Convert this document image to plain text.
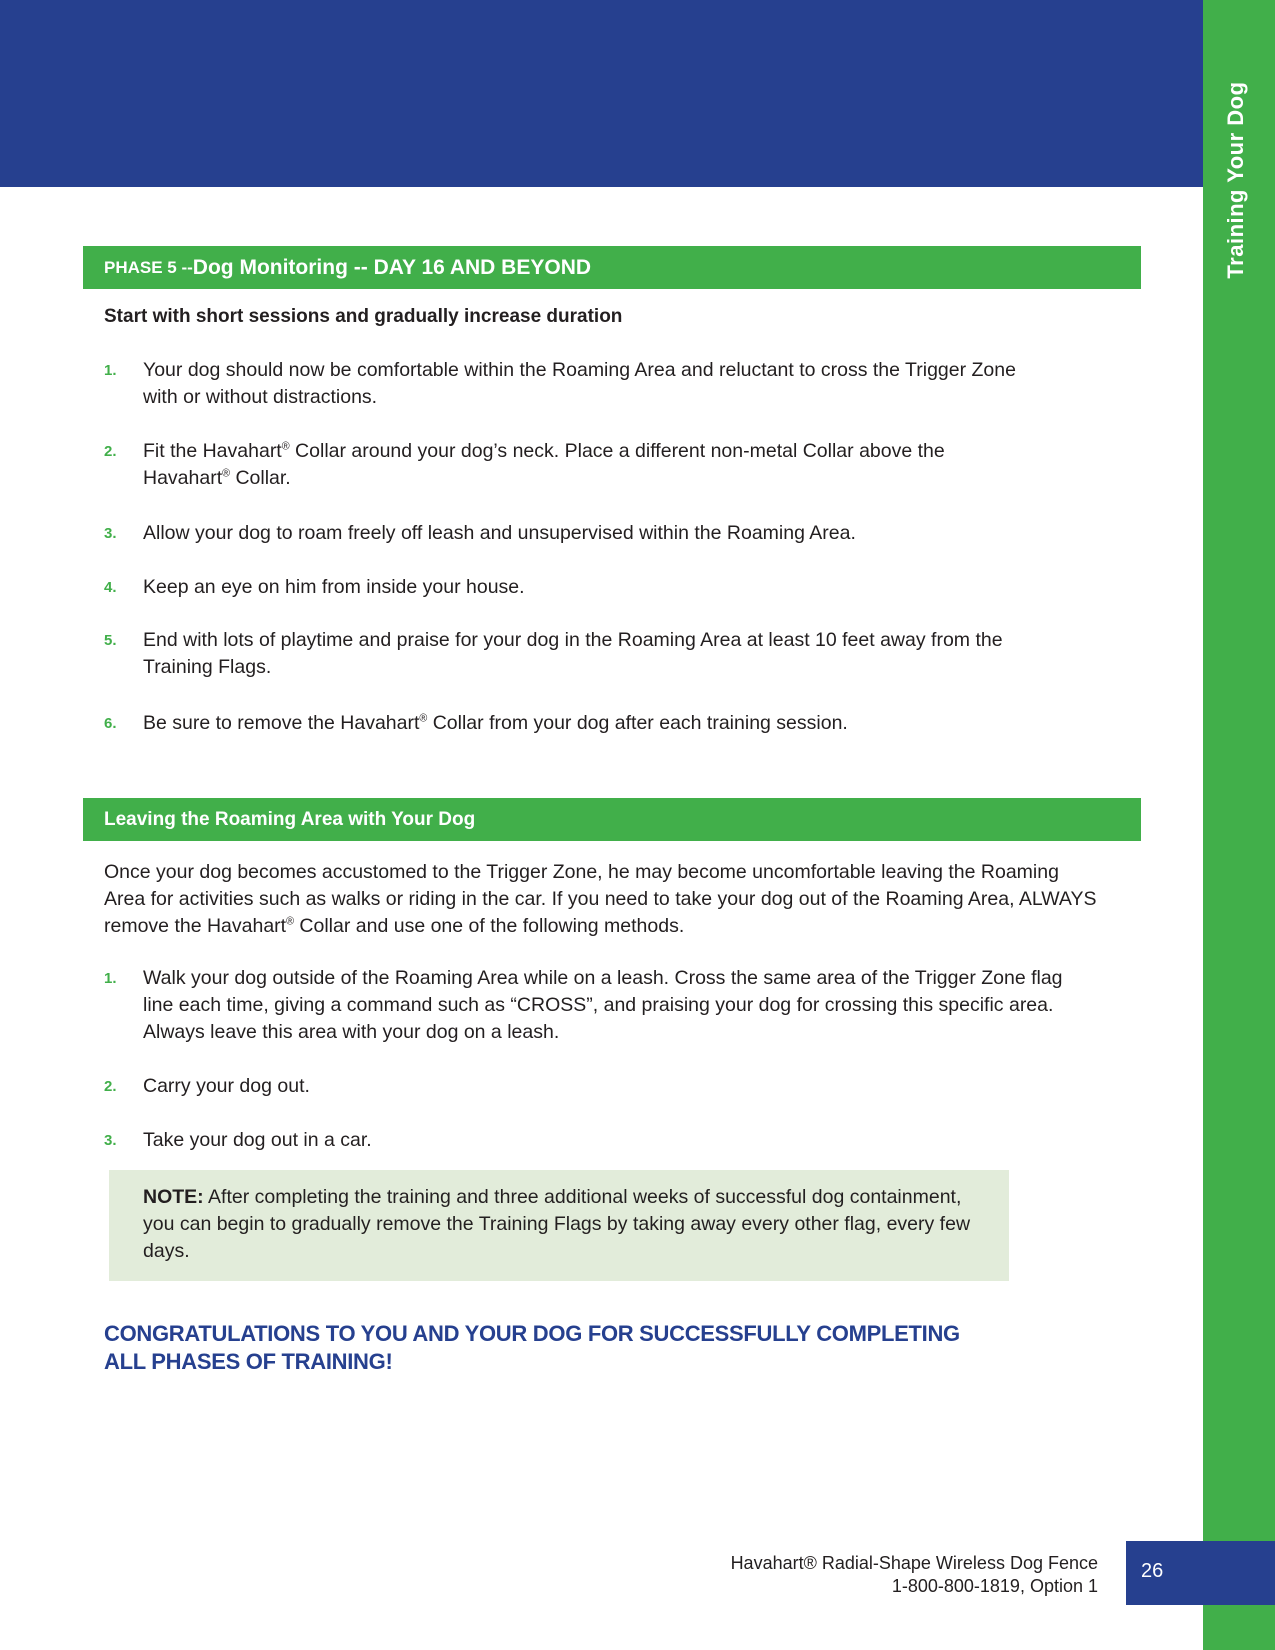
Training Your Dog
PHASE 5 -- Dog Monitoring -- DAY 16 AND BEYOND
Start with short sessions and gradually increase duration
1. Your dog should now be comfortable within the Roaming Area and reluctant to cross the Trigger Zone with or without distractions.
2. Fit the Havahart® Collar around your dog’s neck. Place a different non-metal Collar above the
Havahart® Collar.
3. Allow your dog to roam freely off leash and unsupervised within the Roaming Area.
4. Keep an eye on him from inside your house.
5. End with lots of playtime and praise for your dog in the Roaming Area at least 10 feet away from the Training Flags.
6. Be sure to remove the Havahart® Collar from your dog after each training session.
Leaving the Roaming Area with Your Dog
Once your dog becomes accustomed to the Trigger Zone, he may become uncomfortable leaving the Roaming Area for activities such as walks or riding in the car. If you need to take your dog out of the Roaming Area, ALWAYS remove the Havahart® Collar and use one of the following methods.
1. Walk your dog outside of the Roaming Area while on a leash. Cross the same area of the Trigger Zone flag line each time, giving a command such as “CROSS”, and praising your dog for crossing this specific area. Always leave this area with your dog on a leash.
2. Carry your dog out.
3. Take your dog out in a car.
NOTE: After completing the training and three additional weeks of successful dog containment, you can begin to gradually remove the Training Flags by taking away every other flag, every few days.
CONGRATULATIONS TO YOU AND YOUR DOG FOR SUCCESSFULLY COMPLETING
ALL PHASES OF TRAINING!
Havahart® Radial-Shape Wireless Dog Fence
1-800-800-1819, Option 1
26
